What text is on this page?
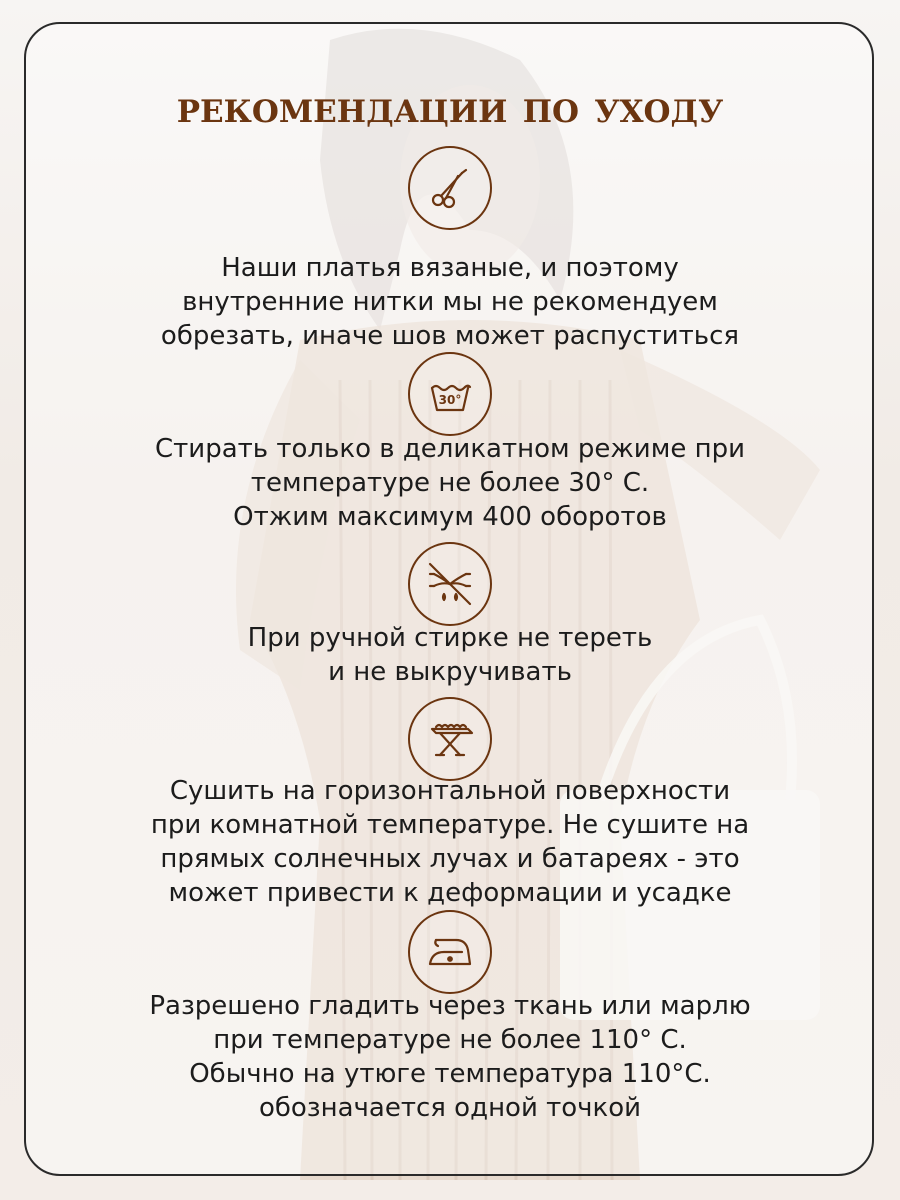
рекомендации по уходу
Наши платья вязаные, и поэтому
внутренние нитки мы не рекомендуем
обрезать, иначе шов может распуститься
30°
Стирать только в деликатном режиме при
температуре не более 30° С.
Отжим максимум 400 оборотов
При ручной стирке не тереть
и не выкручивать
Сушить на горизонтальной поверхности
при комнатной температуре. Не сушите на
прямых солнечных лучах и батареях - это
может привести к деформации и усадке
Разрешено гладить через ткань или марлю
при температуре не более 110° С.
Обычно на утюге температура 110°С.
обозначается одной точкой
